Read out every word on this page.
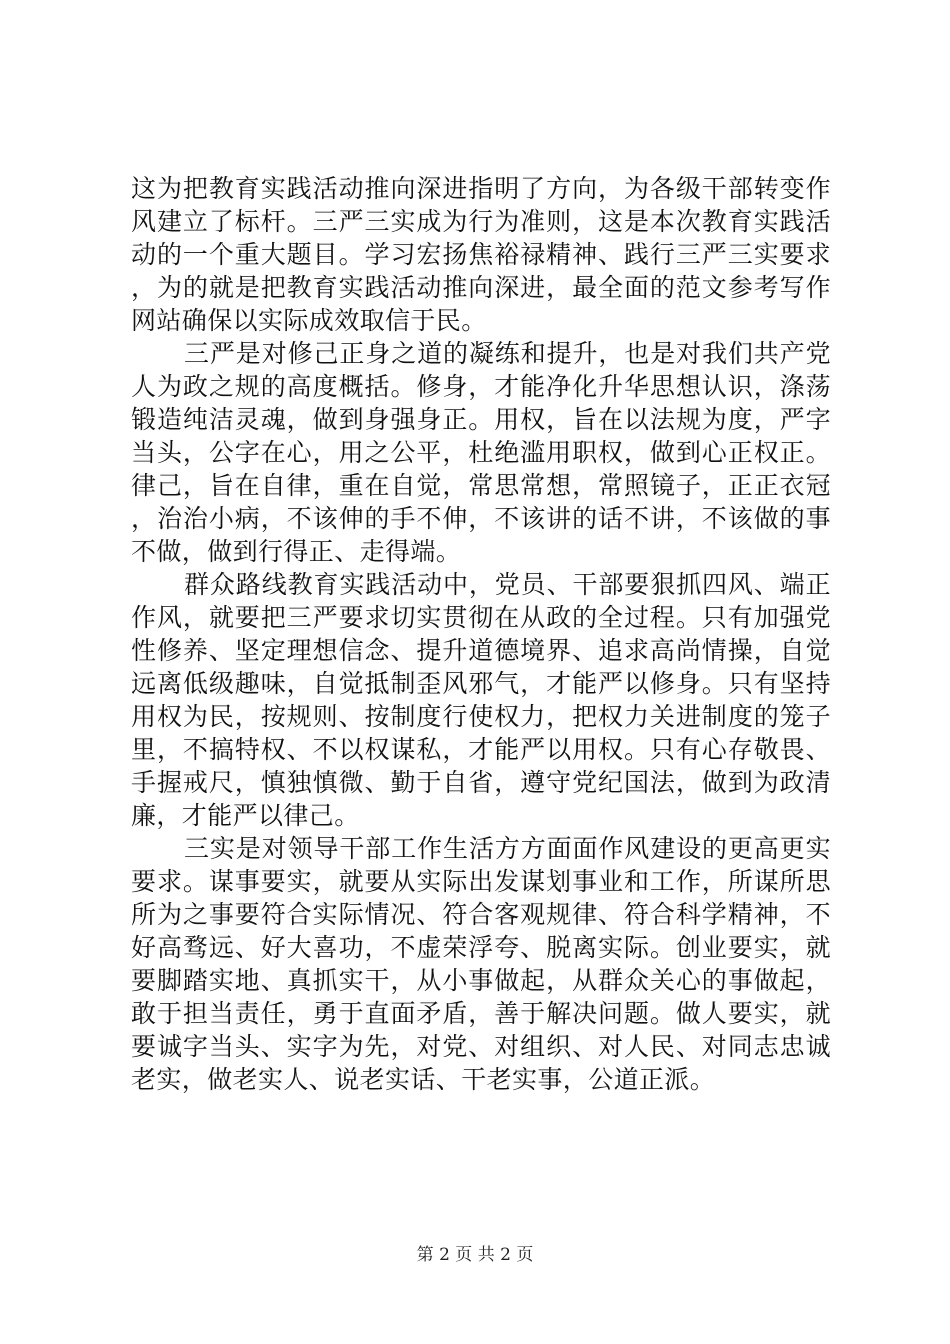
这为把教育实践活动推向深进指明了方向，为各级干部转变作风建立了标杆。三严三实成为行为准则，这是本次教育实践活动的一个重大题目。学习宏扬焦裕禄精神、践行三严三实要求，为的就是把教育实践活动推向深进，最全面的范文参考写作网站确保以实际成效取信于民。

三严是对修己正身之道的凝练和提升，也是对我们共产党人为政之规的高度概括。修身，才能净化升华思想认识，涤荡锻造纯洁灵魂，做到身强身正。用权，旨在以法规为度，严字当头，公字在心，用之公平，杜绝滥用职权，做到心正权正。律己，旨在自律，重在自觉，常思常想，常照镜子，正正衣冠，治治小病，不该伸的手不伸，不该讲的话不讲，不该做的事不做，做到行得正、走得端。

群众路线教育实践活动中，党员、干部要狠抓四风、端正作风，就要把三严要求切实贯彻在从政的全过程。只有加强党性修养、坚定理想信念、提升道德境界、追求高尚情操，自觉远离低级趣味，自觉抵制歪风邪气，才能严以修身。只有坚持用权为民，按规则、按制度行使权力，把权力关进制度的笼子里，不搞特权、不以权谋私，才能严以用权。只有心存敬畏、手握戒尺，慎独慎微、勤于自省，遵守党纪国法，做到为政清廉，才能严以律己。

三实是对领导干部工作生活方方面面作风建设的更高更实要求。谋事要实，就要从实际出发谋划事业和工作，所谋所思所为之事要符合实际情况、符合客观规律、符合科学精神，不好高骛远、好大喜功，不虚荣浮夸、脱离实际。创业要实，就要脚踏实地、真抓实干，从小事做起，从群众关心的事做起，敢于担当责任，勇于直面矛盾，善于解决问题。做人要实，就要诚字当头、实字为先，对党、对组织、对人民、对同志忠诚老实，做老实人、说老实话、干老实事，公道正派。

第 2 页 共 2 页
